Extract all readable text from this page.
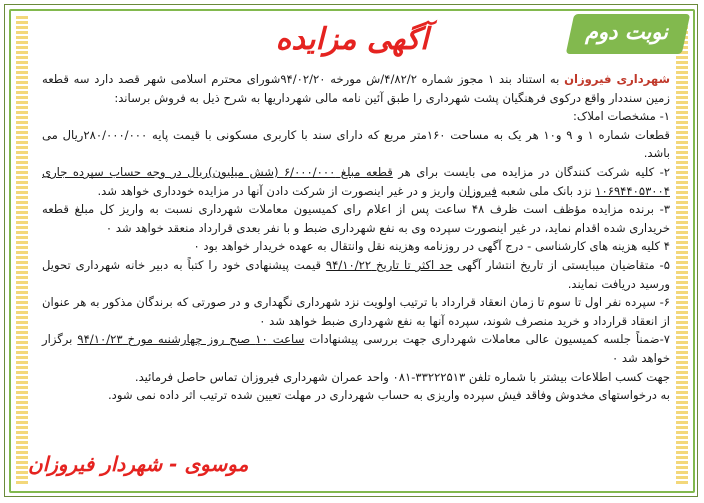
نوبت دوم
آگهی مزایده

شهرداری فیروزان به استناد بند ۱ مجوز شماره ۴/۸۲/۲/ش مورخه ۹۴/۰۲/۲۰شورای محترم اسلامی شهر قصد دارد سه قطعه زمین سنددار واقع درکوی فرهنگیان پشت شهرداری را طبق آئین نامه مالی شهرداریها به شرح ذیل به فروش برساند:

۱- مشخصات املاک:

قطعات شماره ۱ و ۹ و۱۰ هر یک به مساحت ۱۶۰متر مربع که دارای سند با کاربری مسکونی با قیمت پایه ۲۸۰/۰۰۰/۰۰۰ریال می باشد.

۲- کلیه شرکت کنندگان در مزایده می بایست برای هر قطعه مبلغ ۶/۰۰۰/۰۰۰ (شش میلیون)ریال در وجه حساب سپرده جاری ۱۰۶۹۴۴۰۵۳۰۰۴ نزد بانک ملی شعبه فیروزان واریز و در غیر اینصورت از شرکت دادن آنها در مزایده خودداری خواهد شد.

۳- برنده مزایده مؤظف است ظرف ۴۸ ساعت پس از اعلام رای کمیسیون معاملات شهرداری نسبت به واریز کل مبلغ قطعه خریداری شده اقدام نماید، در غیر اینصورت سپرده وی به نفع شهرداری ضبط و با نفر بعدی قرارداد منعقد خواهد شد ۰

۴ کلیه هزینه های کارشناسی - درج آگهی در روزنامه وهزینه نقل وانتقال به عهده خریدار خواهد بود ۰

۵- متقاضیان میبایستی از تاریخ انتشار آگهی حد اکثر تا تاریخ ۹۴/۱۰/۲۲ قیمت پیشنهادی خود را کتباً به دبیر خانه شهرداری تحویل ورسید دریافت نمایند.

۶- سپرده نفر اول تا سوم تا زمان انعقاد قرارداد با ترتیب اولویت نزد شهرداری نگهداری و در صورتی که برندگان مذکور به هر عنوان از انعقاد قرارداد و خرید منصرف شوند، سپرده آنها به نفع شهرداری ضبط خواهد شد ۰

۷-ضمناً جلسه کمیسیون عالی معاملات شهرداری جهت بررسی پیشنهادات ساعت ۱۰ صبح روز چهارشنبه مورخ ۹۴/۱۰/۲۳ برگزار خواهد شد ۰

جهت کسب اطلاعات بیشتر با شماره تلفن ۳۳۲۲۲۵۱۳-۰۸۱ واحد عمران شهرداری فیروزان تماس حاصل فرمائید.

به درخواستهای مخدوش وفاقد فیش سپرده واریزی به حساب شهرداری در مهلت تعیین شده ترتیب اثر داده نمی شود.

موسوی - شهردار فیروزان
